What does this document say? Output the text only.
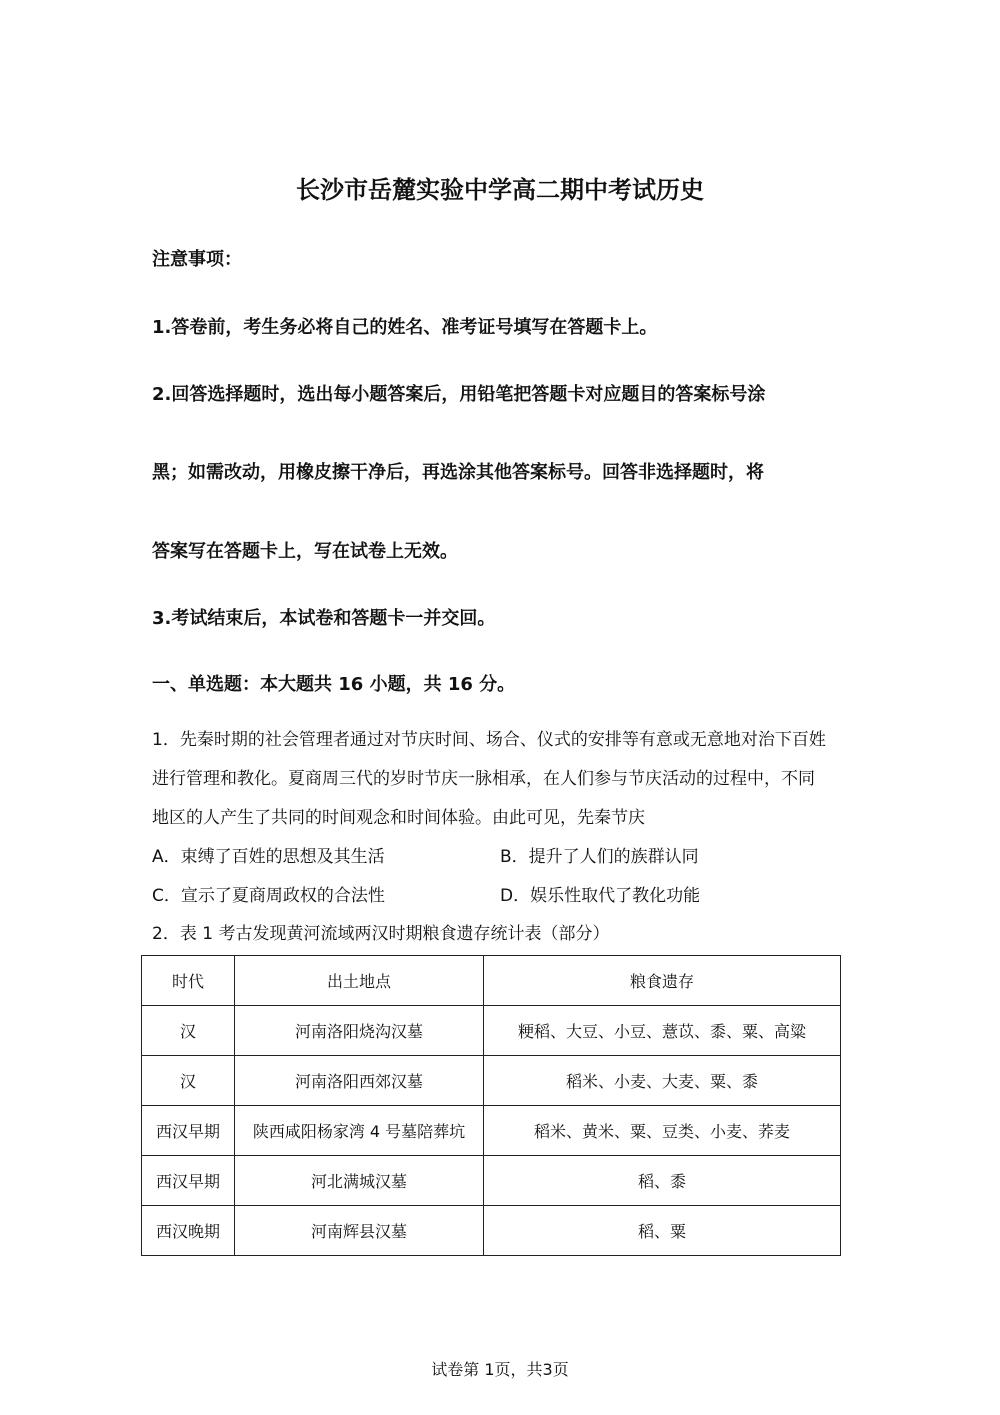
长沙市岳麓实验中学高二期中考试历史
注意事项：
1.答卷前，考生务必将自己的姓名、准考证号填写在答题卡上。
2.回答选择题时，选出每小题答案后，用铅笔把答题卡对应题目的答案标号涂
黑；如需改动，用橡皮擦干净后，再选涂其他答案标号。回答非选择题时，将
答案写在答题卡上，写在试卷上无效。
3.考试结束后，本试卷和答题卡一并交回。
一、单选题：本大题共 16 小题，共 16 分。
1．先秦时期的社会管理者通过对节庆时间、场合、仪式的安排等有意或无意地对治下百姓
进行管理和教化。夏商周三代的岁时节庆一脉相承，在人们参与节庆活动的过程中，不同
地区的人产生了共同的时间观念和时间体验。由此可见，先秦节庆
A．束缚了百姓的思想及其生活	B．提升了人们的族群认同
C．宣示了夏商周政权的合法性	D．娱乐性取代了教化功能
2．表 1 考古发现黄河流域两汉时期粮食遗存统计表（部分）
时代	出土地点	粮食遗存
汉	河南洛阳烧沟汉墓	粳稻、大豆、小豆、薏苡、黍、粟、高粱
汉	河南洛阳西郊汉墓	稻米、小麦、大麦、粟、黍
西汉早期	陕西咸阳杨家湾 4 号墓陪葬坑	稻米、黄米、粟、豆类、小麦、荞麦
西汉早期	河北满城汉墓	稻、黍
西汉晚期	河南辉县汉墓	稻、粟
试卷第 1页，共3页
